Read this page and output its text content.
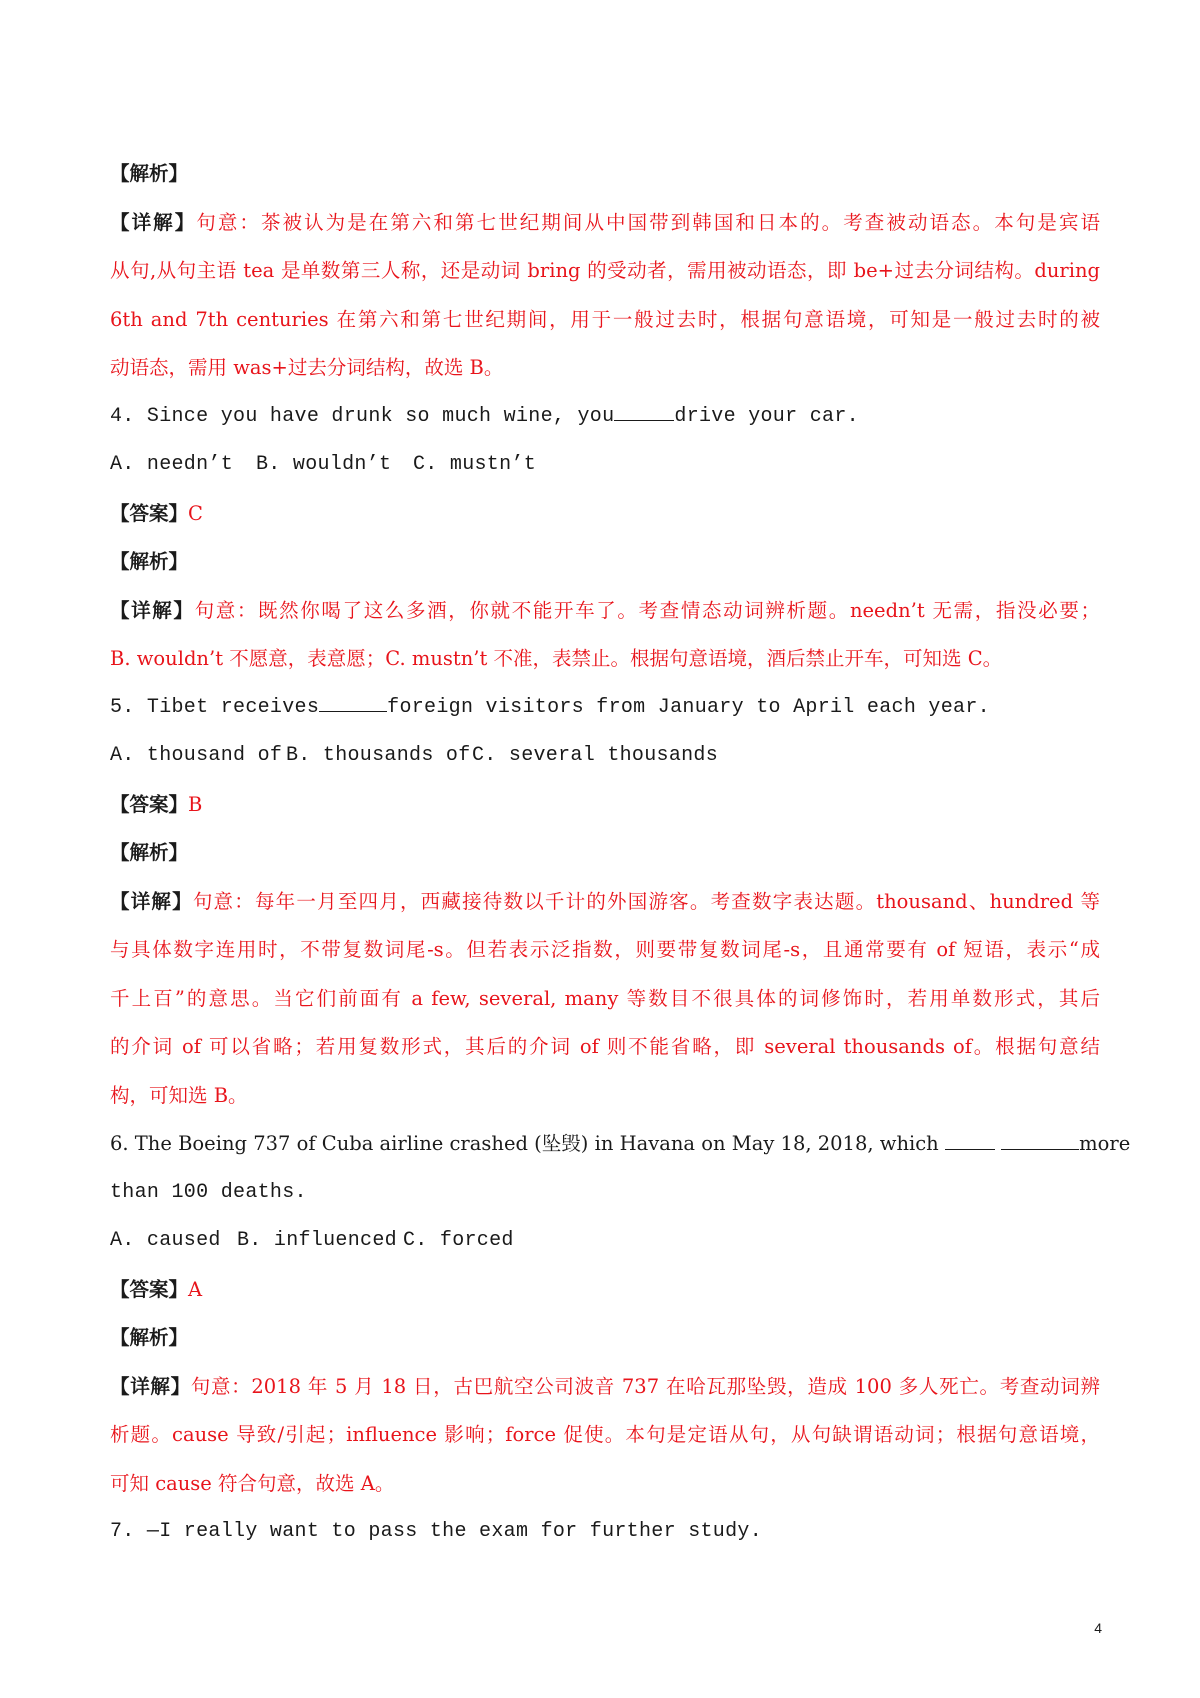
【解析】
【详解】句意：茶被认为是在第六和第七世纪期间从中国带到韩国和日本的。考查被动语态。本句是宾语
从句,从句主语 tea 是单数第三人称，还是动词 bring 的受动者，需用被动语态，即 be+过去分词结构。during
6th and 7th centuries 在第六和第七世纪期间，用于一般过去时，根据句意语境，可知是一般过去时的被
动语态，需用 was+过去分词结构，故选 B。
4. Since you have drunk so much wine, you	drive your car.
A. needn’t B. wouldn’t C. mustn’t
【答案】C
【解析】
【详解】句意：既然你喝了这么多酒，你就不能开车了。考查情态动词辨析题。needn’t 无需，指没必要；
B. wouldn’t 不愿意，表意愿；C. mustn’t 不准，表禁止。根据句意语境，酒后禁止开车，可知选 C。
5. Tibet receives	foreign visitors from January to April each year.
A. thousand of B. thousands ofC. several thousands
【答案】B
【解析】
【详解】句意：每年一月至四月，西藏接待数以千计的外国游客。考查数字表达题。thousand、hundred 等
与具体数字连用时，不带复数词尾-s。但若表示泛指数，则要带复数词尾-s，且通常要有 of 短语，表示“成
千上百”的意思。当它们前面有 a few, several, many 等数目不很具体的词修饰时，若用单数形式，其后
的介词 of 可以省略；若用复数形式，其后的介词 of 则不能省略，即 several thousands of。根据句意结
构，可知选 B。
6. The Boeing 737 of Cuba airline crashed (坠毁) in Havana on May 18, 2018, which	more
than 100 deaths.
A. caused B. influenced C. forced
【答案】A
【解析】
【详解】句意：2018 年 5 月 18 日，古巴航空公司波音 737 在哈瓦那坠毁，造成 100 多人死亡。考查动词辨
析题。cause 导致/引起；influence 影响；force 促使。本句是定语从句，从句缺谓语动词；根据句意语境，
可知 cause 符合句意，故选 A。
7. —I really want to pass the exam for further study.
4
